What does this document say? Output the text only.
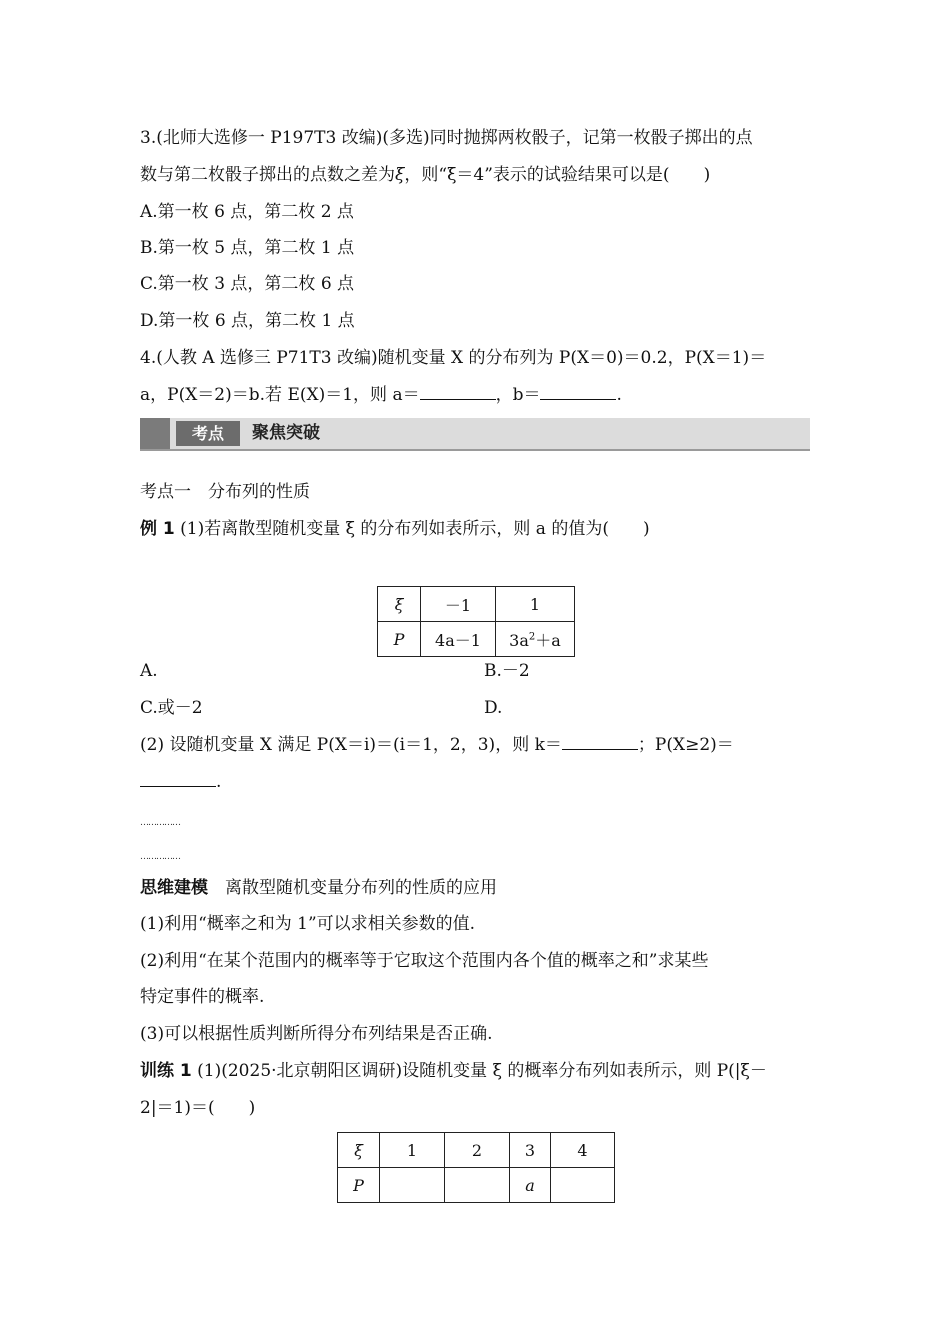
3.(北师大选修一 P197T3 改编)(多选)同时抛掷两枚骰子，记第一枚骰子掷出的点
数与第二枚骰子掷出的点数之差为ξ，则“ξ＝4”表示的试验结果可以是(　　)
A.第一枚 6 点，第二枚 2 点
B.第一枚 5 点，第二枚 1 点
C.第一枚 3 点，第二枚 6 点
D.第一枚 6 点，第二枚 1 点
4.(人教 A 选修三 P71T3 改编)随机变量 X 的分布列为 P(X＝0)＝0.2，P(X＝1)＝
a，P(X＝2)＝b.若 E(X)＝1，则 a＝	，b＝	.
考点	聚焦突破
考点一　分布列的性质
例 1 (1)若离散型随机变量 ξ 的分布列如表所示，则 a 的值为(　　)
ξ	－1	1
P	4a－1	$3a^2+a$
A.	B.－2
C.或－2	D.
(2) 设随机变量 X 满足 P(X＝i)＝(i＝1，2，3)，则 k＝	；P(X≥2)＝
.
……………
……………
思维建模　离散型随机变量分布列的性质的应用
(1)利用“概率之和为 1”可以求相关参数的值.
(2)利用“在某个范围内的概率等于它取这个范围内各个值的概率之和”求某些
特定事件的概率.
(3)可以根据性质判断所得分布列结果是否正确.
训练 1 (1)(2025·北京朝阳区调研)设随机变量 ξ 的概率分布列如表所示，则 P(|ξ－
2|＝1)＝(　　)
ξ	1	2	3	4
P			a	
